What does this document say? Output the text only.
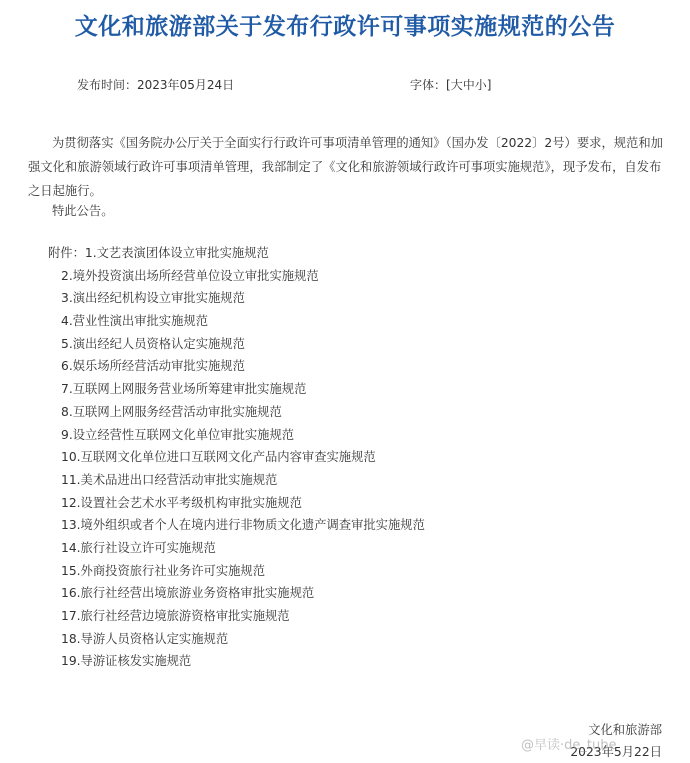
文化和旅游部关于发布行政许可事项实施规范的公告
发布时间：2023年05月24日	字体：[大中小]

为贯彻落实《国务院办公厅关于全面实行行政许可事项清单管理的通知》（国办发〔2022〕2号）要求，规范和加强文化和旅游领域行政许可事项清单管理，我部制定了《文化和旅游领域行政许可事项实施规范》，现予发布，自发布之日起施行。

特此公告。

附件：1.文艺表演团体设立审批实施规范
2.境外投资演出场所经营单位设立审批实施规范
3.演出经纪机构设立审批实施规范
4.营业性演出审批实施规范
5.演出经纪人员资格认定实施规范
6.娱乐场所经营活动审批实施规范
7.互联网上网服务营业场所筹建审批实施规范
8.互联网上网服务经营活动审批实施规范
9.设立经营性互联网文化单位审批实施规范
10.互联网文化单位进口互联网文化产品内容审查实施规范
11.美术品进出口经营活动审批实施规范
12.设置社会艺术水平考级机构审批实施规范
13.境外组织或者个人在境内进行非物质文化遗产调查审批实施规范
14.旅行社设立许可实施规范
15.外商投资旅行社业务许可实施规范
16.旅行社经营出境旅游业务资格审批实施规范
17.旅行社经营边境旅游资格审批实施规范
18.导游人员资格认定实施规范
19.导游证核发实施规范
文化和旅游部
2023年5月22日
@早读·de_tube
